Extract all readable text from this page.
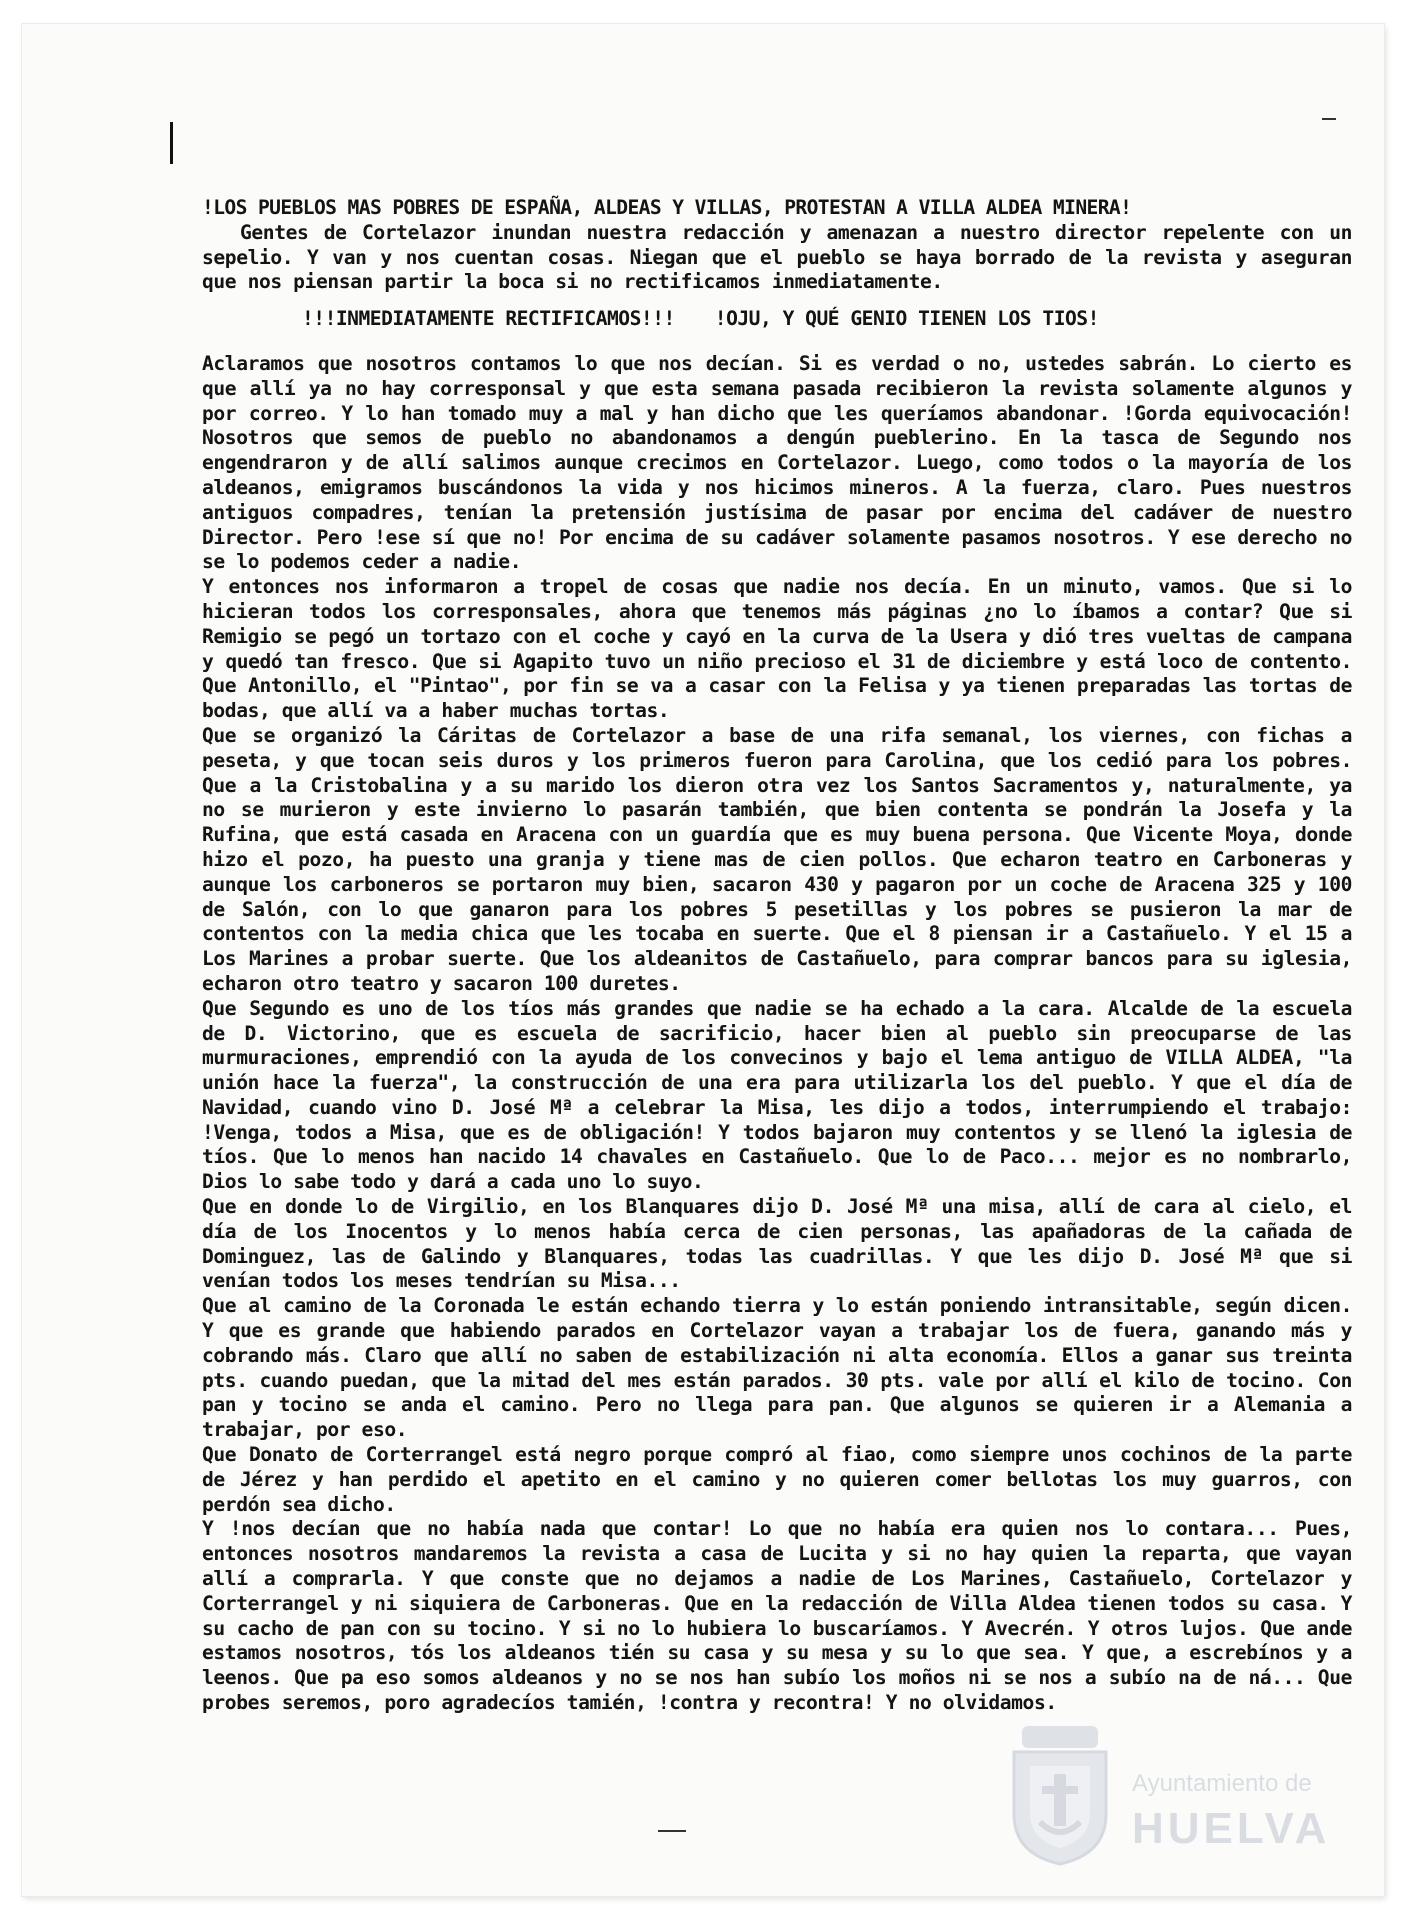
!LOS PUEBLOS MAS POBRES DE ESPAÑA, ALDEAS Y VILLAS, PROTESTAN A VILLA ALDEA MINERA!

Gentes de Cortelazor inundan nuestra redacción y amenazan a nuestro director repelente con un sepelio. Y van y nos cuentan cosas. Niegan que el pueblo se haya borrado de la revista y aseguran que nos piensan partir la boca si no rectificamos inmediatamente.

!!!INMEDIATAMENTE RECTIFICAMOS!!! !OJU, Y QUÉ GENIO TIENEN LOS TIOS!

Aclaramos que nosotros contamos lo que nos decían. Si es verdad o no, ustedes sabrán. Lo cierto es que allí ya no hay corresponsal y que esta semana pasada recibieron la revista solamente algunos y por correo. Y lo han tomado muy a mal y han dicho que les queríamos abandonar. !Gorda equivocación! Nosotros que semos de pueblo no abandonamos a dengún pueblerino. En la tasca de Segundo nos engendraron y de allí salimos aunque crecimos en Cortelazor. Luego, como todos o la mayoría de los aldeanos, emigramos buscándonos la vida y nos hicimos mineros. A la fuerza, claro. Pues nuestros antiguos compadres, tenían la pretensión justísima de pasar por encima del cadáver de nuestro Director. Pero !ese sí que no! Por encima de su cadáver solamente pasamos nosotros. Y ese derecho no se lo podemos ceder a nadie.

Y entonces nos informaron a tropel de cosas que nadie nos decía. En un minuto, vamos. Que si lo hicieran todos los corresponsales, ahora que tenemos más páginas ¿no lo íbamos a contar? Que si Remigio se pegó un tortazo con el coche y cayó en la curva de la Usera y dió tres vueltas de campana y quedó tan fresco. Que si Agapito tuvo un niño precioso el 31 de diciembre y está loco de contento. Que Antonillo, el "Pintao", por fin se va a casar con la Felisa y ya tienen preparadas las tortas de bodas, que allí va a haber muchas tortas.

Que se organizó la Cáritas de Cortelazor a base de una rifa semanal, los viernes, con fichas a peseta, y que tocan seis duros y los primeros fueron para Carolina, que los cedió para los pobres. Que a la Cristobalina y a su marido los dieron otra vez los Santos Sacramentos y, naturalmente, ya no se murieron y este invierno lo pasarán también, que bien contenta se pondrán la Josefa y la Rufina, que está casada en Aracena con un guardía que es muy buena persona. Que Vicente Moya, donde hizo el pozo, ha puesto una granja y tiene mas de cien pollos. Que echaron teatro en Carboneras y aunque los carboneros se portaron muy bien, sacaron 430 y pagaron por un coche de Aracena 325 y 100 de Salón, con lo que ganaron para los pobres 5 pesetillas y los pobres se pusieron la mar de contentos con la media chica que les tocaba en suerte. Que el 8 piensan ir a Castañuelo. Y el 15 a Los Marines a probar suerte. Que los aldeanitos de Castañuelo, para comprar bancos para su iglesia, echaron otro teatro y sacaron 100 duretes.

Que Segundo es uno de los tíos más grandes que nadie se ha echado a la cara. Alcalde de la escuela de D. Victorino, que es escuela de sacrificio, hacer bien al pueblo sin preocuparse de las murmuraciones, emprendió con la ayuda de los convecinos y bajo el lema antiguo de VILLA ALDEA, "la unión hace la fuerza", la construcción de una era para utilizarla los del pueblo. Y que el día de Navidad, cuando vino D. José Mª a celebrar la Misa, les dijo a todos, interrumpiendo el trabajo: !Venga, todos a Misa, que es de obligación! Y todos bajaron muy contentos y se llenó la iglesia de tíos. Que lo menos han nacido 14 chavales en Castañuelo. Que lo de Paco... mejor es no nombrarlo, Dios lo sabe todo y dará a cada uno lo suyo.

Que en donde lo de Virgilio, en los Blanquares dijo D. José Mª una misa, allí de cara al cielo, el día de los Inocentos y lo menos había cerca de cien personas, las apañadoras de la cañada de Dominguez, las de Galindo y Blanquares, todas las cuadrillas. Y que les dijo D. José Mª que si venían todos los meses tendrían su Misa...

Que al camino de la Coronada le están echando tierra y lo están poniendo intransitable, según dicen. Y que es grande que habiendo parados en Cortelazor vayan a trabajar los de fuera, ganando más y cobrando más. Claro que allí no saben de estabilización ni alta economía. Ellos a ganar sus treinta pts. cuando puedan, que la mitad del mes están parados. 30 pts. vale por allí el kilo de tocino. Con pan y tocino se anda el camino. Pero no llega para pan. Que algunos se quieren ir a Alemania a trabajar, por eso.

Que Donato de Corterrangel está negro porque compró al fiao, como siempre unos cochinos de la parte de Jérez y han perdido el apetito en el camino y no quieren comer bellotas los muy guarros, con perdón sea dicho.

Y !nos decían que no había nada que contar! Lo que no había era quien nos lo contara... Pues, entonces nosotros mandaremos la revista a casa de Lucita y si no hay quien la reparta, que vayan allí a comprarla. Y que conste que no dejamos a nadie de Los Marines, Castañuelo, Cortelazor y Corterrangel y ni siquiera de Carboneras. Que en la redacción de Villa Aldea tienen todos su casa. Y su cacho de pan con su tocino. Y si no lo hubiera lo buscaríamos. Y Avecrén. Y otros lujos. Que ande estamos nosotros, tós los aldeanos tién su casa y su mesa y su lo que sea. Y que, a escrebínos y a leenos. Que pa eso somos aldeanos y no se nos han subío los moños ni se nos a subío na de ná... Que probes seremos, poro agradecíos tamién, !contra y recontra! Y no olvidamos.

Ayuntamiento de
HUELVA
